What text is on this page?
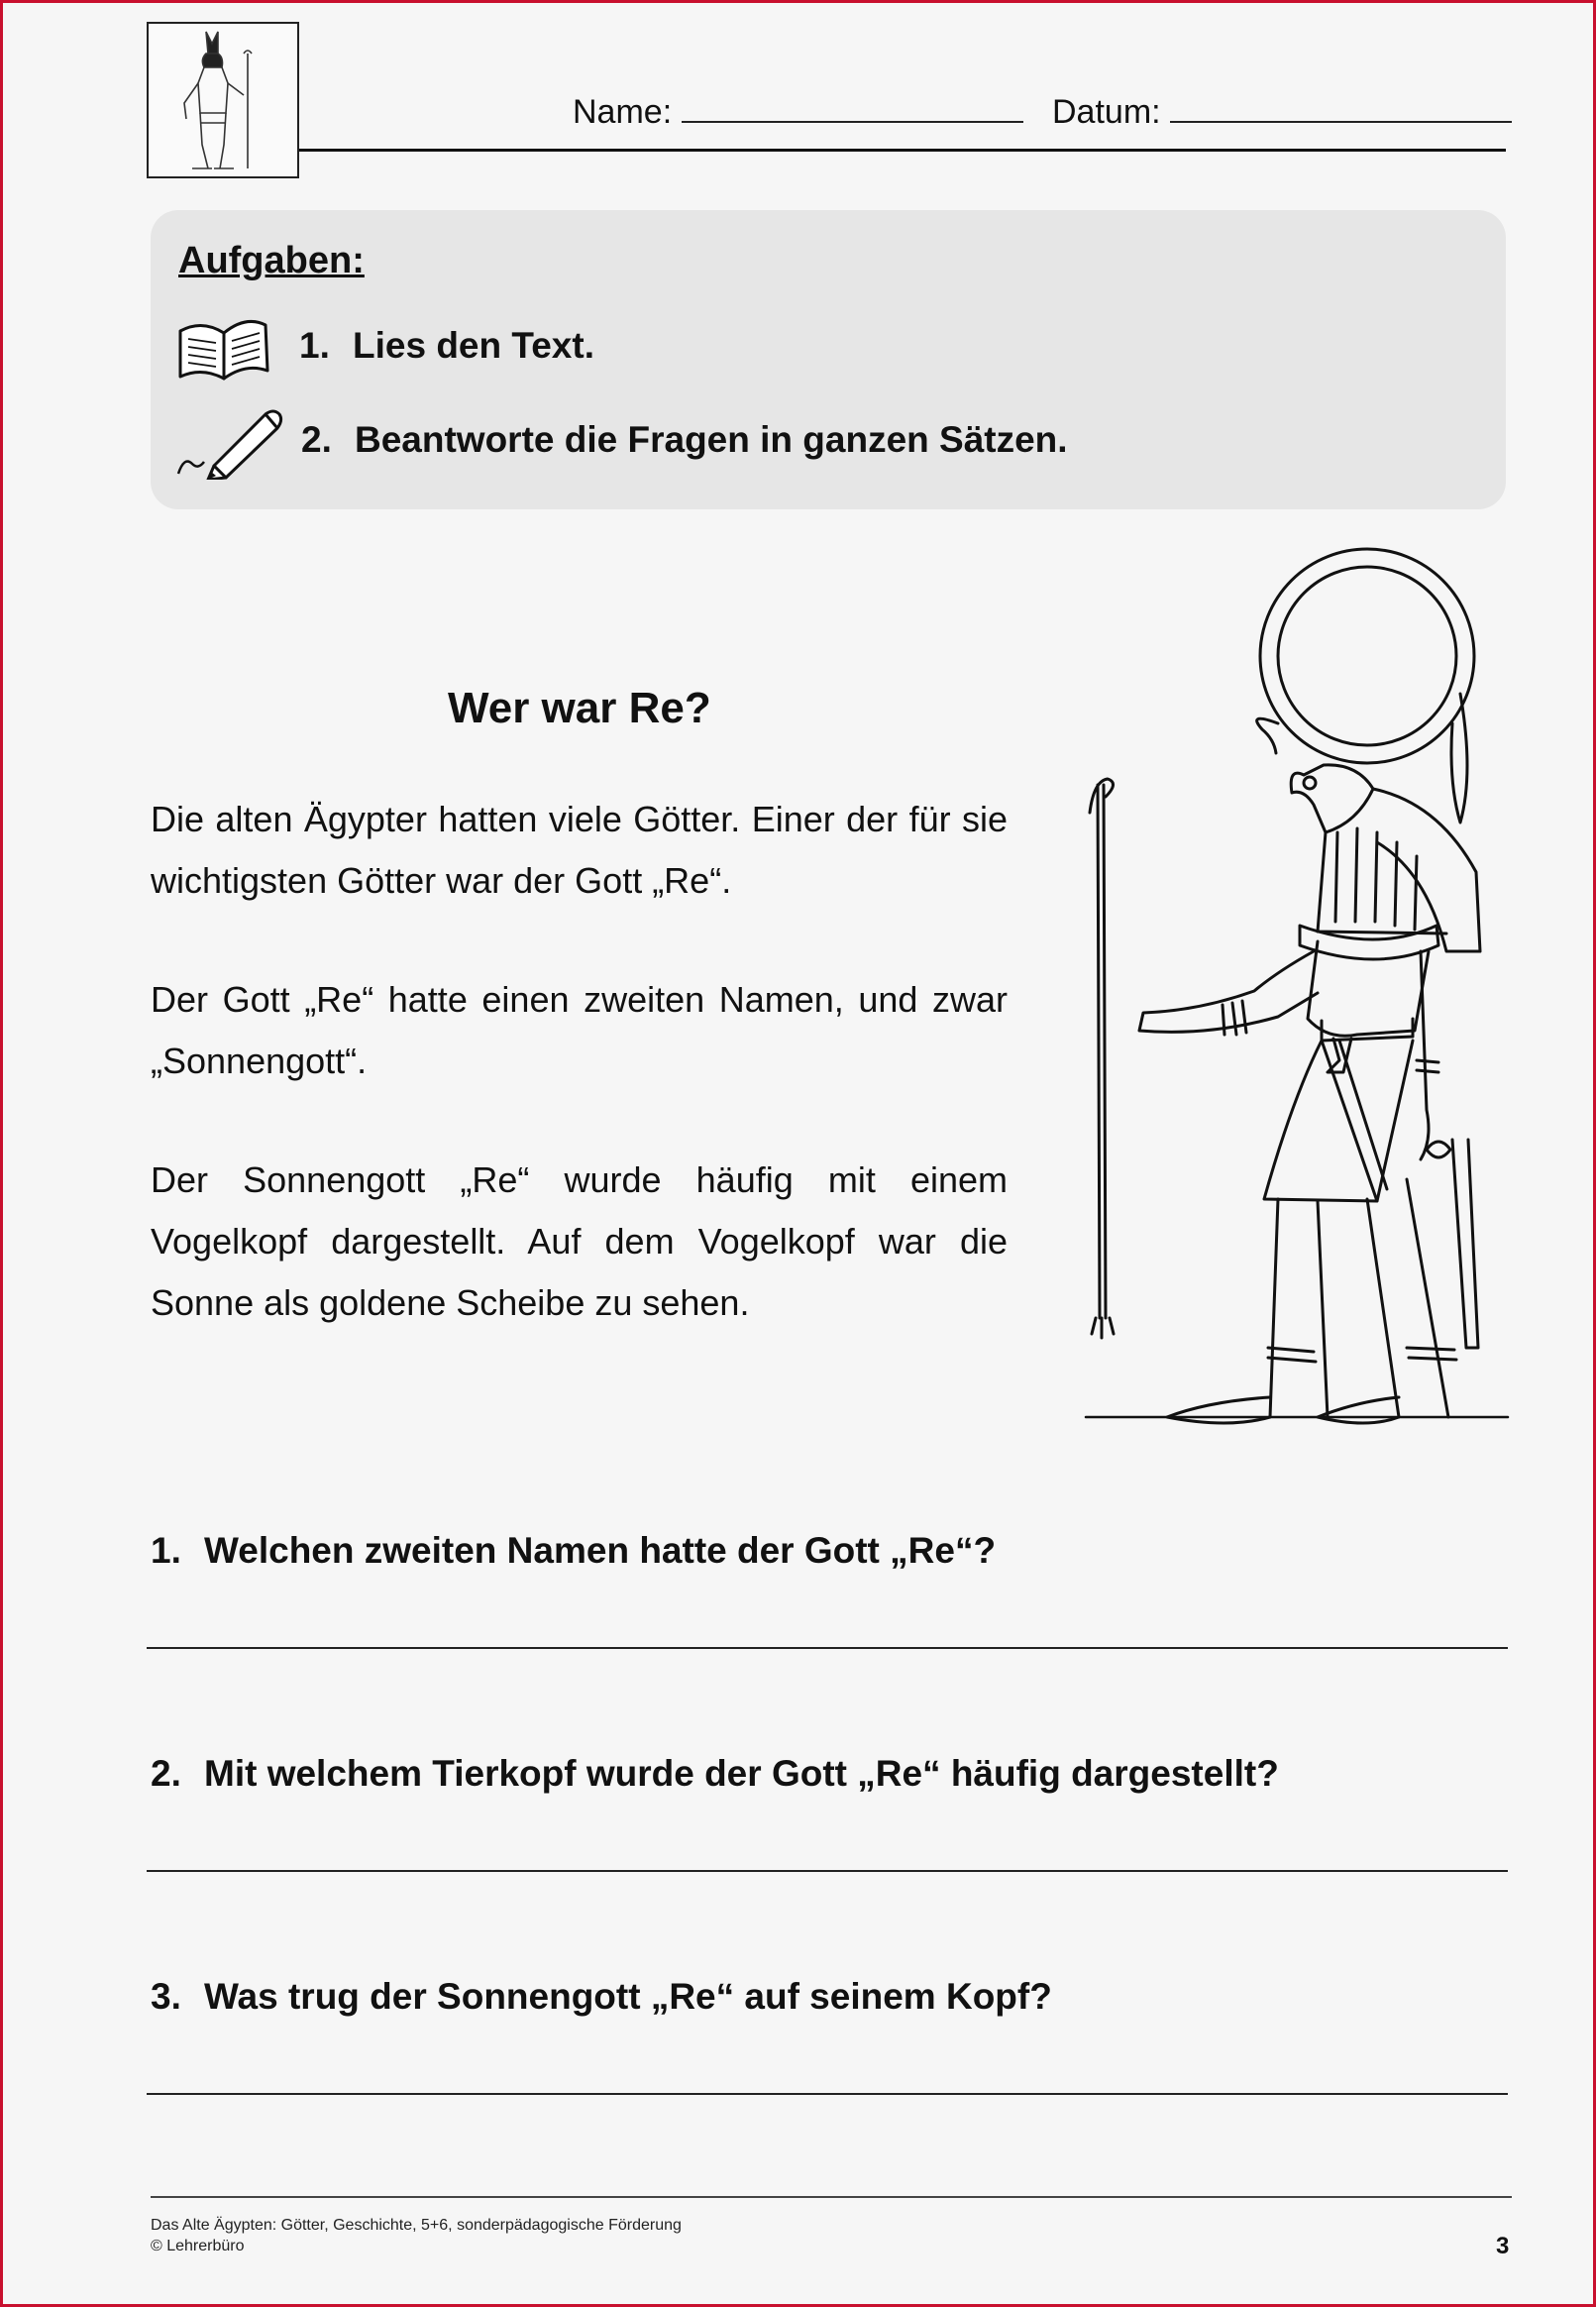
Name:	Datum:
Aufgaben:
1. Lies den Text.
2. Beantworte die Fragen in ganzen Sätzen.
Wer war Re?
Die alten Ägypter hatten viele Götter. Einer der für sie wichtigsten Götter war der Gott „Re“.
Der Gott „Re“ hatte einen zweiten Namen, und zwar „Sonnengott“.
Der Sonnengott „Re“ wurde häufig mit einem Vogelkopf dargestellt. Auf dem Vogelkopf war die Sonne als goldene Scheibe zu sehen.
1. Welchen zweiten Namen hatte der Gott „Re“?
2. Mit welchem Tierkopf wurde der Gott „Re“ häufig dargestellt?
3. Was trug der Sonnengott „Re“ auf seinem Kopf?
Das Alte Ägypten: Götter, Geschichte, 5+6, sonderpädagogische Förderung
© Lehrerbüro	3
